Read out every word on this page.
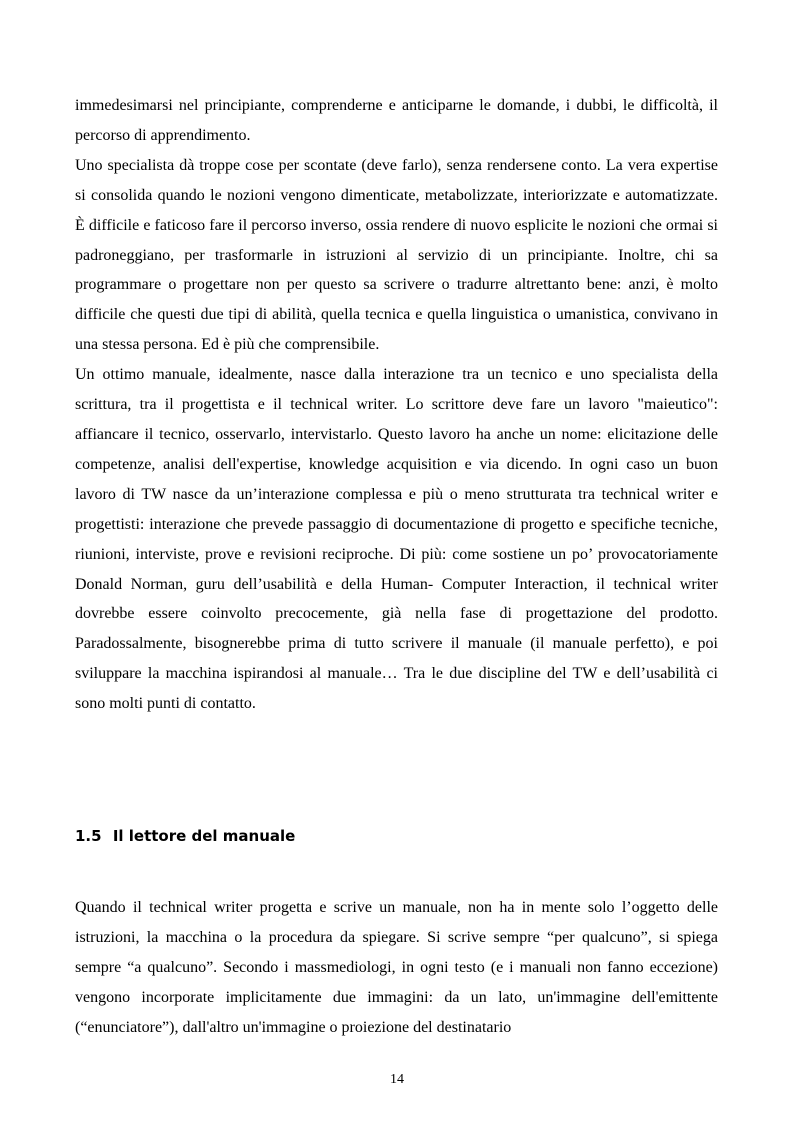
immedesimarsi nel principiante, comprenderne e anticiparne le domande, i dubbi, le difficoltà, il percorso di apprendimento.

Uno specialista dà troppe cose per scontate (deve farlo), senza rendersene conto. La vera expertise si consolida quando le nozioni vengono dimenticate, metabolizzate, interiorizzate e automatizzate. È difficile e faticoso fare il percorso inverso, ossia rendere di nuovo esplicite le nozioni che ormai si padroneggiano, per trasformarle in istruzioni al servizio di un principiante. Inoltre, chi sa programmare o progettare non per questo sa scrivere o tradurre altrettanto bene: anzi, è molto difficile che questi due tipi di abilità, quella tecnica e quella linguistica o umanistica, convivano in una stessa persona. Ed è più che comprensibile.

Un ottimo manuale, idealmente, nasce dalla interazione tra un tecnico e uno specialista della scrittura, tra il progettista e il technical writer. Lo scrittore deve fare un lavoro "maieutico": affiancare il tecnico, osservarlo, intervistarlo. Questo lavoro ha anche un nome: elicitazione delle competenze, analisi dell'expertise, knowledge acquisition e via dicendo. In ogni caso un buon lavoro di TW nasce da un’interazione complessa e più o meno strutturata tra technical writer e progettisti: interazione che prevede passaggio di documentazione di progetto e specifiche tecniche, riunioni, interviste, prove e revisioni reciproche. Di più: come sostiene un po’ provocatoriamente Donald Norman, guru dell’usabilità e della Human- Computer Interaction, il technical writer dovrebbe essere coinvolto precocemente, già nella fase di progettazione del prodotto. Paradossalmente, bisognerebbe prima di tutto scrivere il manuale (il manuale perfetto), e poi sviluppare la macchina ispirandosi al manuale… Tra le due discipline del TW e dell’usabilità ci sono molti punti di contatto.

1.5 Il lettore del manuale

Quando il technical writer progetta e scrive un manuale, non ha in mente solo l’oggetto delle istruzioni, la macchina o la procedura da spiegare. Si scrive sempre “per qualcuno”, si spiega sempre “a qualcuno”. Secondo i massmediologi, in ogni testo (e i manuali non fanno eccezione) vengono incorporate implicitamente due immagini: da un lato, un'immagine dell'emittente (“enunciatore”), dall'altro un'immagine o proiezione del destinatario

14
